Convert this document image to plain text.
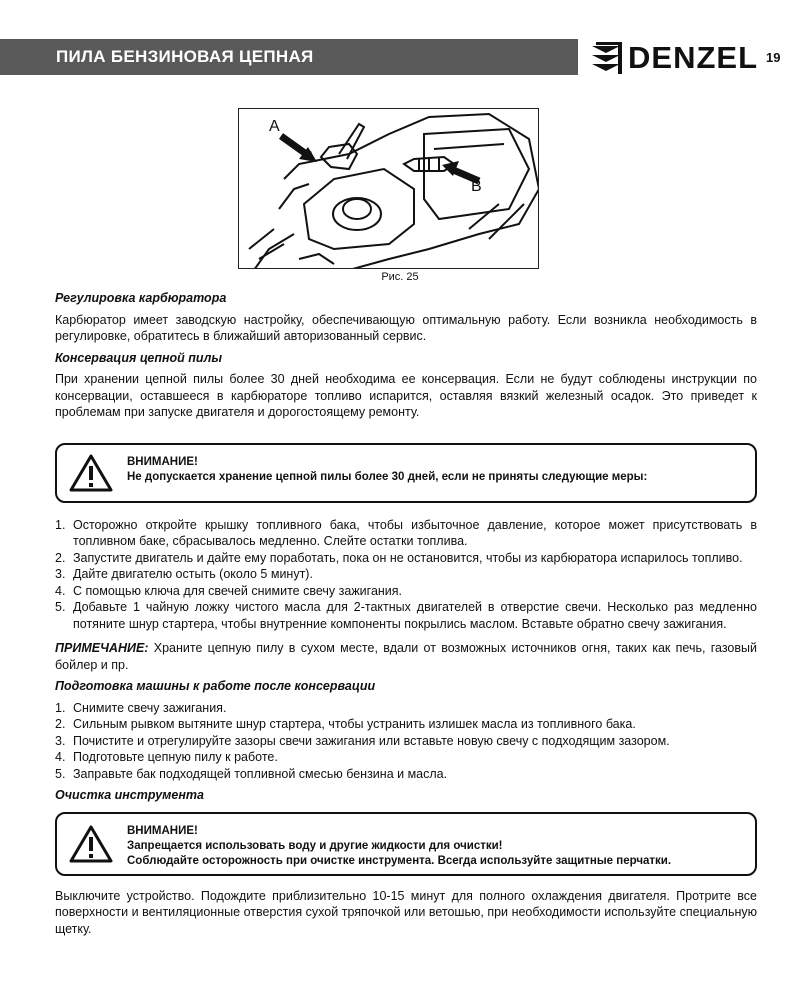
ПИЛА БЕНЗИНОВАЯ ЦЕПНАЯ	DENZEL 19
A
B
Рис. 25

Регулировка карбюратора

Карбюратор имеет заводскую настройку, обеспечивающую оптимальную работу. Если возникла необходимость в регулировке, обратитесь в ближайший авторизованный сервис.

Консервация цепной пилы

При хранении цепной пилы более 30 дней необходима ее консервация. Если не будут соблюдены инструкции по консервации, оставшееся в карбюраторе топливо испарится, оставляя вязкий железный осадок. Это приведет к проблемам при запуске двигателя и дорогостоящему ремонту.

ВНИМАНИЕ!
Не допускается хранение цепной пилы более 30 дней, если не приняты следующие меры:
1. Осторожно откройте крышку топливного бака, чтобы избыточное давление, которое может присутствовать в топливном баке, сбрасывалось медленно. Слейте остатки топлива.
2. Запустите двигатель и дайте ему поработать, пока он не остановится, чтобы из карбюратора испарилось топливо.
3. Дайте двигателю остыть (около 5 минут).
4. С помощью ключа для свечей снимите свечу зажигания.
5. Добавьте 1 чайную ложку чистого масла для 2-тактных двигателей в отверстие свечи. Несколько раз медленно потяните шнур стартера, чтобы внутренние компоненты покрылись маслом. Вставьте обратно свечу зажигания.

ПРИМЕЧАНИЕ: Храните цепную пилу в сухом месте, вдали от возможных источников огня, таких как печь, газовый бойлер и пр.

Подготовка машины к работе после консервации

1. Снимите свечу зажигания.
2. Сильным рывком вытяните шнур стартера, чтобы устранить излишек масла из топливного бака.
3. Почистите и отрегулируйте зазоры свечи зажигания или вставьте новую свечу с подходящим зазором.
4. Подготовьте цепную пилу к работе.
5. Заправьте бак подходящей топливной смесью бензина и масла.

Очистка инструмента

ВНИМАНИЕ!
Запрещается использовать воду и другие жидкости для очистки!
Соблюдайте осторожность при очистке инструмента. Всегда используйте защитные перчатки.

Выключите устройство. Подождите приблизительно 10-15 минут для полного охлаждения двигателя. Протрите все поверхности и вентиляционные отверстия сухой тряпочкой или ветошью, при необходимости используйте специальную щетку.
